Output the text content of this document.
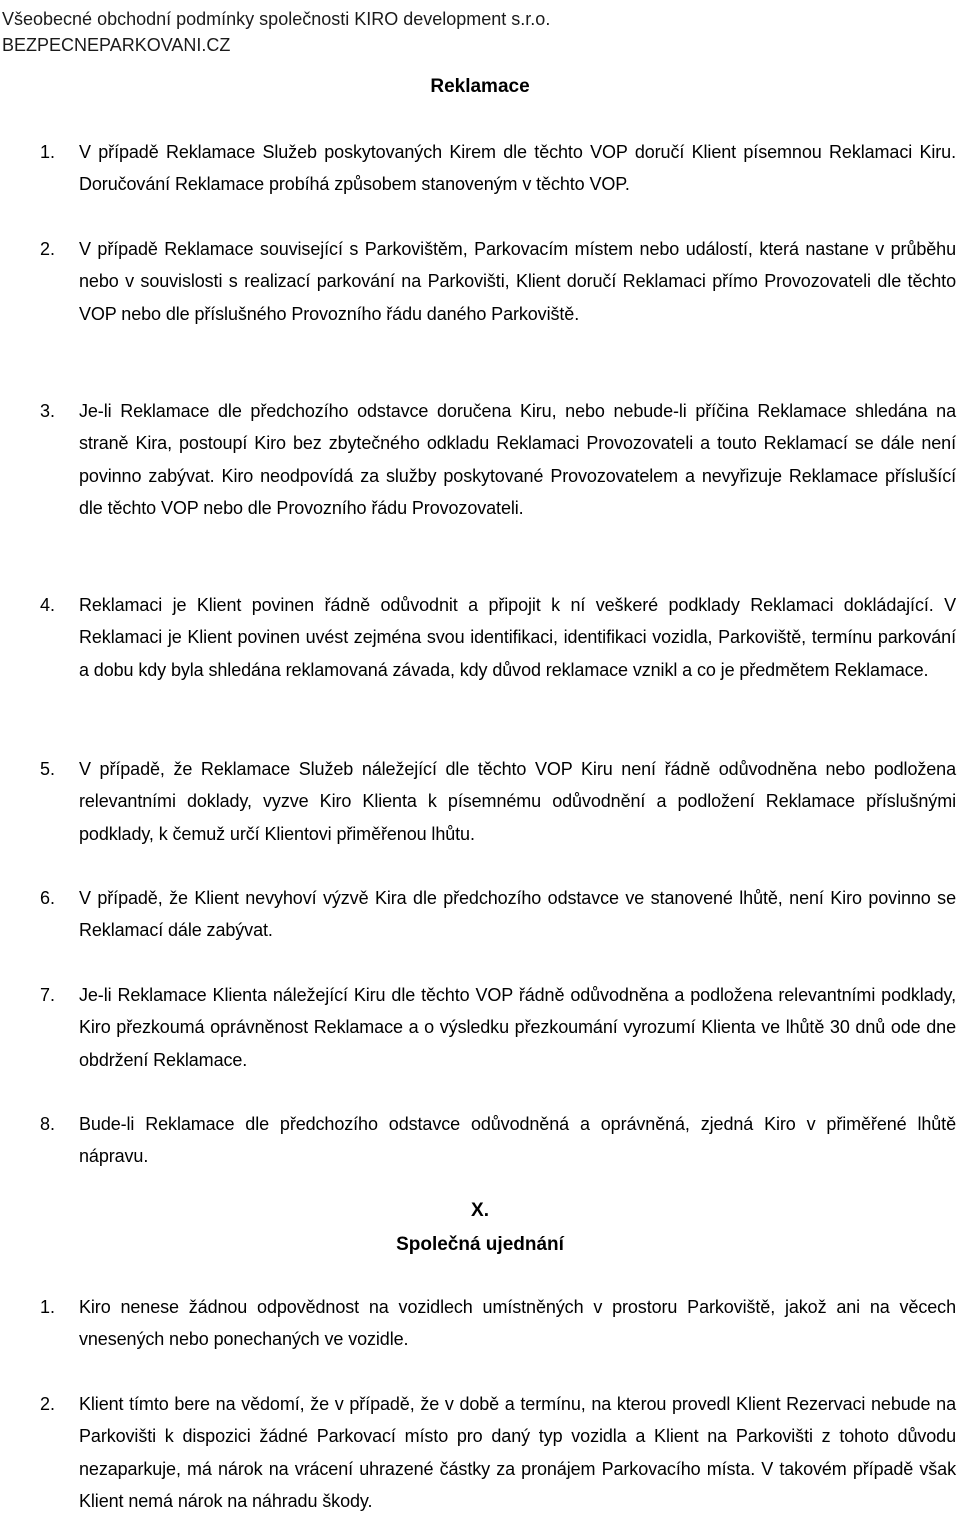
Všeobecné obchodní podmínky společnosti KIRO development s.r.o.
BEZPECNEPARKOVANI.CZ
Reklamace
1.	V případě Reklamace Služeb poskytovaných Kirem dle těchto VOP doručí Klient písemnou Reklamaci Kiru. Doručování Reklamace probíhá způsobem stanoveným v těchto VOP.
2.	V případě Reklamace související s Parkovištěm, Parkovacím místem nebo událostí, která nastane v průběhu nebo v souvislosti s realizací parkování na Parkovišti, Klient doručí Reklamaci přímo Provozovateli dle těchto VOP nebo dle příslušného Provozního řádu daného Parkoviště.
3.	Je-li Reklamace dle předchozího odstavce doručena Kiru, nebo nebude-li příčina Reklamace shledána na straně Kira, postoupí Kiro bez zbytečného odkladu Reklamaci Provozovateli a touto Reklamací se dále není povinno zabývat. Kiro neodpovídá za služby poskytované Provozovatelem a nevyřizuje Reklamace příslušící dle těchto VOP nebo dle Provozního řádu Provozovateli.
4.	Reklamaci je Klient povinen řádně odůvodnit a připojit k ní veškeré podklady Reklamaci dokládající. V Reklamaci je Klient povinen uvést zejména svou identifikaci, identifikaci vozidla, Parkoviště, termínu parkování a dobu kdy byla shledána reklamovaná závada, kdy důvod reklamace vznikl a co je předmětem Reklamace.
5.	V případě, že Reklamace Služeb náležející dle těchto VOP Kiru není řádně odůvodněna nebo podložena relevantními doklady, vyzve Kiro Klienta k písemnému odůvodnění a podložení Reklamace příslušnými podklady, k čemuž určí Klientovi přiměřenou lhůtu.
6.	V případě, že Klient nevyhoví výzvě Kira dle předchozího odstavce ve stanovené lhůtě, není Kiro povinno se Reklamací dále zabývat.
7.	Je-li Reklamace Klienta náležející Kiru dle těchto VOP řádně odůvodněna a podložena relevantními podklady, Kiro přezkoumá oprávněnost Reklamace a o výsledku přezkoumání vyrozumí Klienta ve lhůtě 30 dnů ode dne obdržení Reklamace.
8.	Bude-li Reklamace dle předchozího odstavce odůvodněná a oprávněná, zjedná Kiro v přiměřené lhůtě nápravu.
X.
Společná ujednání
1.	Kiro nenese žádnou odpovědnost na vozidlech umístněných v prostoru Parkoviště, jakož ani na věcech vnesených nebo ponechaných ve vozidle.
2.	Klient tímto bere na vědomí, že v případě, že v době a termínu, na kterou provedl Klient Rezervaci nebude na Parkovišti k dispozici žádné Parkovací místo pro daný typ vozidla a Klient na Parkovišti z tohoto důvodu nezaparkuje, má nárok na vrácení uhrazené částky za pronájem Parkovacího místa. V takovém případě však Klient nemá nárok na náhradu škody.
